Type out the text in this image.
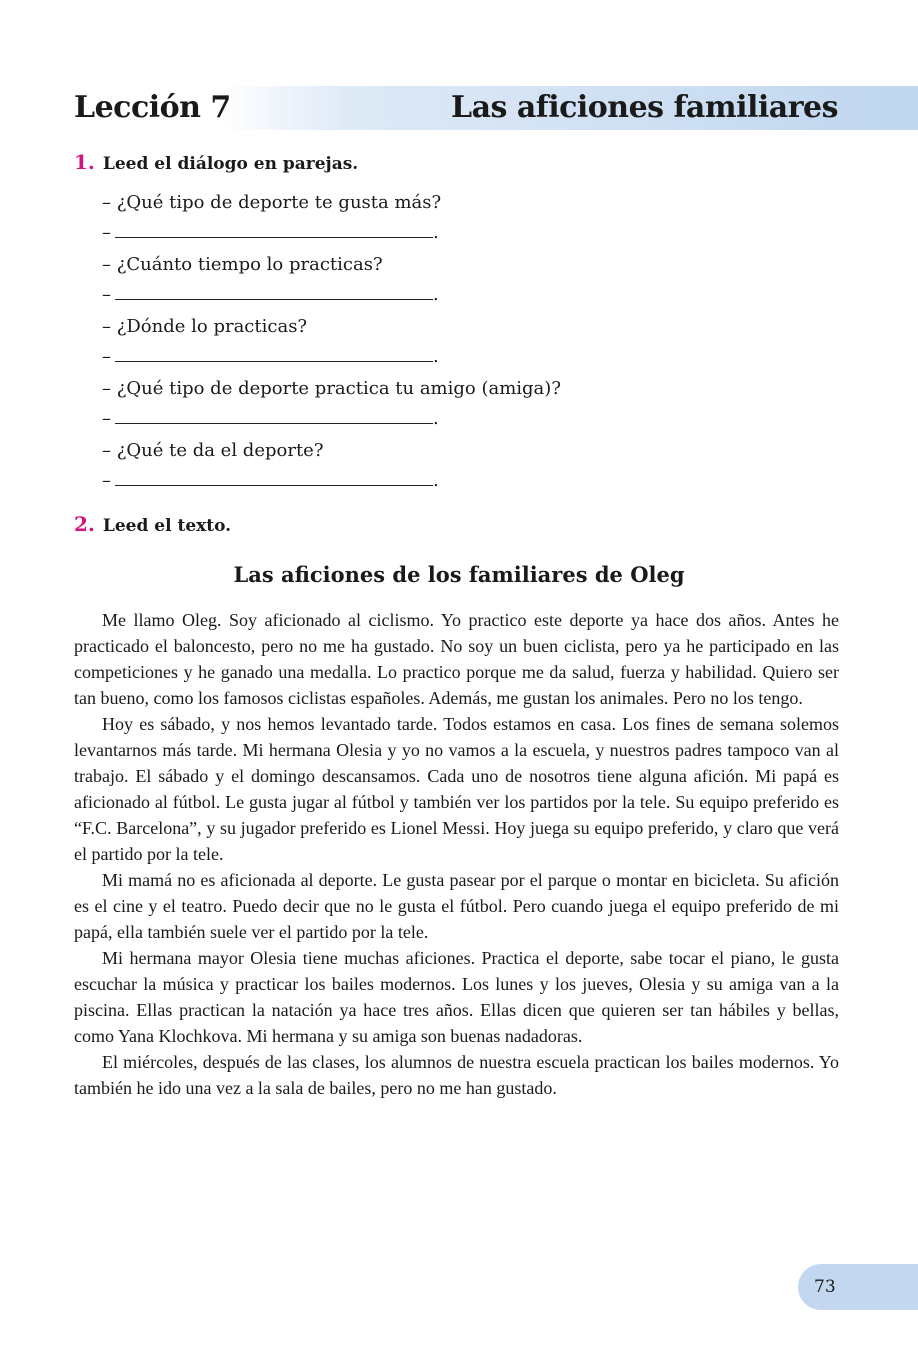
Lección 7	Las aficiones familiares
1. Leed el diálogo en parejas.
– ¿Qué tipo de deporte te gusta más?
–	.
– ¿Cuánto tiempo lo practicas?
–	.
– ¿Dónde lo practicas?
–	.
– ¿Qué tipo de deporte practica tu amigo (amiga)?
–	.
– ¿Qué te da el deporte?
–	.
2. Leed el texto.
Las aficiones de los familiares de Oleg

Me llamo Oleg. Soy aficionado al ciclismo. Yo practico este deporte ya hace dos años. Antes he practicado el baloncesto, pero no me ha gustado. No soy un buen ciclista, pero ya he participado en las competiciones y he ganado una medalla. Lo practico porque me da salud, fuerza y habilidad. Quiero ser tan bueno, como los famosos ciclistas españoles. Además, me gustan los animales. Pero no los tengo.

Hoy es sábado, y nos hemos levantado tarde. Todos estamos en casa. Los fines de semana solemos levantarnos más tarde. Mi hermana Olesia y yo no vamos a la escuela, y nuestros padres tampoco van al trabajo. El sábado y el domingo descansamos. Cada uno de nosotros tiene alguna afición. Mi papá es aficionado al fútbol. Le gusta jugar al fútbol y también ver los partidos por la tele. Su equipo preferido es “F.C. Barcelona”, y su jugador preferido es Lionel Messi. Hoy juega su equipo preferido, y claro que verá el partido por la tele.

Mi mamá no es aficionada al deporte. Le gusta pasear por el parque o montar en bicicleta. Su afición es el cine y el teatro. Puedo decir que no le gusta el fútbol. Pero cuando juega el equipo preferido de mi papá, ella también suele ver el partido por la tele.

Mi hermana mayor Olesia tiene muchas aficiones. Practica el deporte, sabe tocar el piano, le gusta escuchar la música y practicar los bailes modernos. Los lunes y los jueves, Olesia y su amiga van a la piscina. Ellas practican la natación ya hace tres años. Ellas dicen que quieren ser tan hábiles y bellas, como Yana Klochkova. Mi hermana y su amiga son buenas nadadoras.

El miércoles, después de las clases, los alumnos de nuestra escuela practican los bailes modernos. Yo también he ido una vez a la sala de bailes, pero no me han gustado.

73
